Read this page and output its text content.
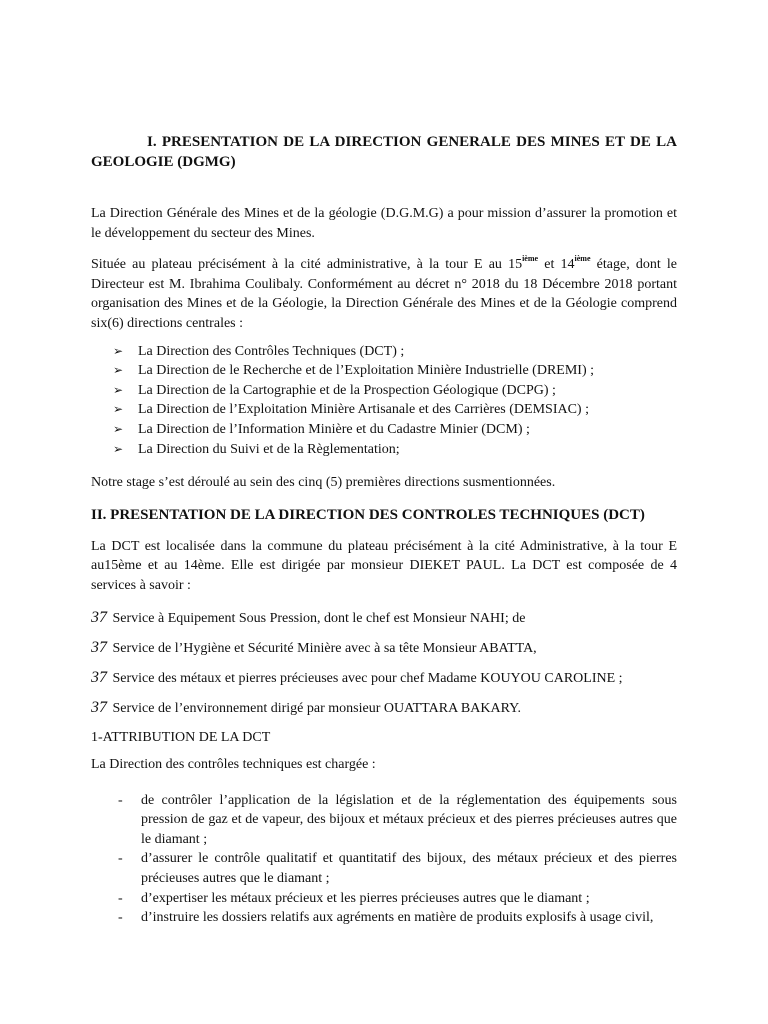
I. PRESENTATION DE LA DIRECTION GENERALE DES MINES ET DE LA GEOLOGIE (DGMG)

La Direction Générale des Mines et de la géologie (D.G.M.G) a pour mission d’assurer la promotion et le développement du secteur des Mines.

Située au plateau précisément à la cité administrative, à la tour E au 15ième et 14ième étage, dont le Directeur est M. Ibrahima Coulibaly. Conformément au décret n° 2018 du 18 Décembre 2018 portant organisation des Mines et de la Géologie, la Direction Générale des Mines et de la Géologie comprend six(6) directions centrales :

➢ La Direction des Contrôles Techniques (DCT) ;
➢ La Direction de le Recherche et de l’Exploitation Minière Industrielle (DREMI) ;
➢ La Direction de la Cartographie et de la Prospection Géologique (DCPG) ;
➢ La Direction de l’Exploitation Minière Artisanale et des Carrières (DEMSIAC) ;
➢ La Direction de l’Information Minière et du Cadastre Minier (DCM) ;
➢ La Direction du Suivi et de la Règlementation;

Notre stage s’est déroulé au sein des cinq (5) premières directions susmentionnées.

II. PRESENTATION DE LA DIRECTION DES CONTROLES TECHNIQUES (DCT)

La DCT est localisée dans la commune du plateau précisément à la cité Administrative, à la tour E au15ème et au 14ème. Elle est dirigée par monsieur DIEKET PAUL. La DCT est composée de 4 services à savoir :

37 Service à Equipement Sous Pression, dont le chef est Monsieur NAHI; de

37 Service de l’Hygiène et Sécurité Minière avec à sa tête Monsieur ABATTA,

37 Service des métaux et pierres précieuses avec pour chef Madame KOUYOU CAROLINE ;

37 Service de l’environnement dirigé par monsieur OUATTARA BAKARY.

1-ATTRIBUTION DE LA DCT

La Direction des contrôles techniques est chargée :

- de contrôler l’application de la législation et de la réglementation des équipements sous pression de gaz et de vapeur, des bijoux et métaux précieux et des pierres précieuses autres que le diamant ;
- d’assurer le contrôle qualitatif et quantitatif des bijoux, des métaux précieux et des pierres précieuses autres que le diamant ;
- d’expertiser les métaux précieux et les pierres précieuses autres que le diamant ;
- d’instruire les dossiers relatifs aux agréments en matière de produits explosifs à usage civil,
